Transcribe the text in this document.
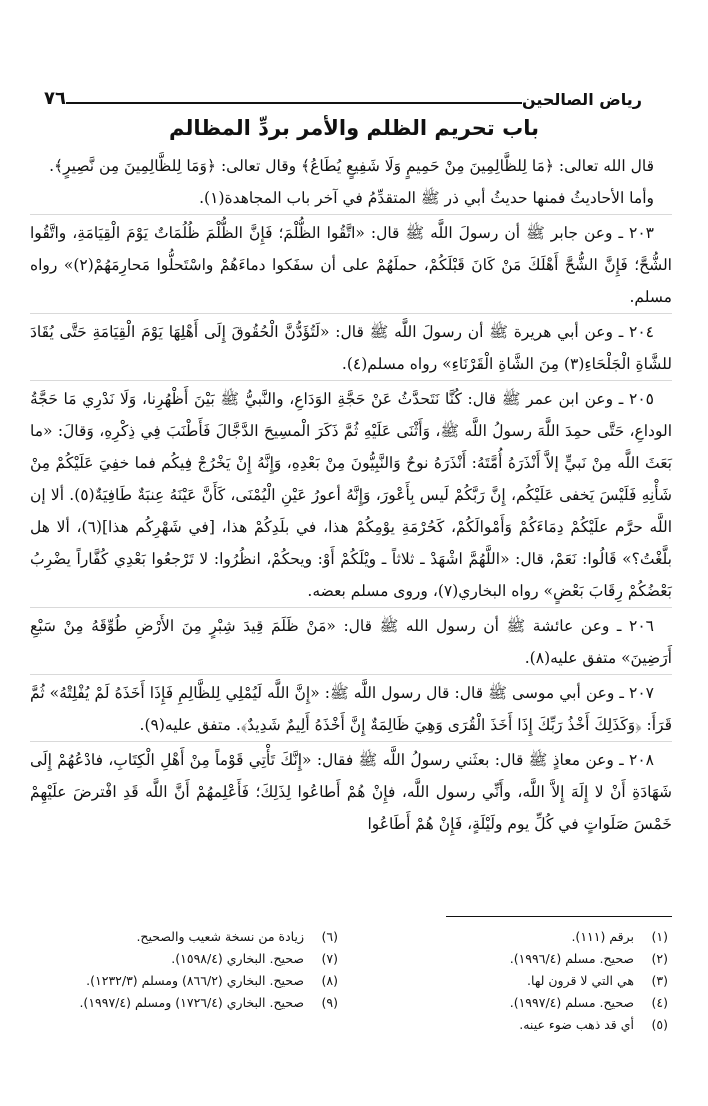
رياض الصالحين
٧٦
باب تحريم الظلم والأمر بردِّ المظالم

قال الله تعالى: ﴿مَا لِلظَّالِمِينَ مِنْ حَمِيمٍ وَلَا شَفِيعٍ يُطَاعُ﴾ وقال تعالى: ﴿وَمَا لِلظَّالِمِينَ مِن نَّصِيرٍ﴾.

وأما الأحاديثُ فمنها حديثُ أبي ذر ﷺ المتقدِّمُ في آخر باب المجاهدة(١).

٢٠٣ ـ وعن جابر ﷺ أن رسولَ اللَّه ﷺ قال: «اتَّقُوا الظُّلْمَ؛ فَإِنَّ الظُّلْمَ ظُلُمَاتٌ يَوْمَ الْقِيَامَةِ، واتَّقُوا الشُّحَّ؛ فَإِنَّ الشُّحَّ أَهْلَكَ مَنْ كَانَ قَبْلَكُمْ، حملَهُمْ على أن سفَكوا دماءَهُمْ واسْتَحلُّوا مَحارِمَهُمْ(٢)» رواه مسلم.

٢٠٤ ـ وعن أبي هريرة ﷺ أن رسولَ اللَّه ﷺ قال: «لَتُؤَدُّنَّ الْحُقُوقَ إِلَى أَهْلِهَا يَوْمَ الْقِيَامَةِ حَتَّى يُقَادَ للشَّاةِ الْجَلْحَاءِ(٣) مِنَ الشَّاةِ الْقَرْنَاءِ» رواه مسلم(٤).

٢٠٥ ـ وعن ابن عمر ﷺ قال: كُنَّا نَتَحدَّثُ عَنْ حَجَّةِ الوَدَاعِ، والنَّبيُّ ﷺ بَيْنَ أَظْهُرِنا، وَلَا نَدْرِي مَا حَجَّةُ الوداعِ، حَتَّى حمِدَ اللَّهَ رسولُ اللَّه ﷺ، وَأَثْنَى عَلَيْهِ ثُمَّ ذَكَرَ الْمسِيحَ الدَّجَّالَ فَأَطْنَبَ فِي ذِكْرِهِ، وَقالَ: «ما بَعَثَ اللَّه مِنْ نَبيٍّ إلاَّ أَنْذَرَهُ أُمَّتَهُ: أَنْذَرَهُ نوحٌ وَالنَّبِيُّونَ مِنْ بَعْدِهِ، وَإِنَّهُ إِنْ يَخْرُجْ فِيكُم فما خفِيَ عَلَيْكُمْ مِنْ شَأْنِهِ فَلَيْسَ يَخفى عَلَيْكُم، إِنَّ رَبَّكُمْ لَيس بِأَعْورَ، وَإِنَّهُ أعورُ عَيْنِ الْيُمْنَى، كَأَنَّ عَيْنَهُ عِنبَةٌ طَافِيَةٌ(٥). ألا إن اللَّه حرَّم علَيْكُمْ دِمَاءَكُمْ وَأَمْوالَكُمْ، كَحُرْمَةِ يوْمِكُمْ هذا، في بلَدِكُمْ هذا، [في شَهْرِكُم هذا](٦)، ألا هل بلَّغْتُ؟» قَالُوا: نَعَمْ، قال: «اللَّهُمَّ اشْهَدْ ـ ثلاثاً ـ ويْلَكُمْ أَوْ: ويحكُمْ، انظُرُوا: لا تَرْجعُوا بَعْدِي كُفَّاراً يضْرِبُ بَعْضُكُمْ رِقَابَ بَعْضٍ» رواه البخاري(٧)، وروى مسلم بعضه.

٢٠٦ ـ وعن عائشة ﷺ أن رسول الله ﷺ قال: «مَنْ ظَلَمَ قِيدَ شِبْرٍ مِنَ الأَرْضِ طُوِّقَهُ مِنْ سَبْعِ أَرَضِينَ» متفق عليه(٨).

٢٠٧ ـ وعن أبي موسى ﷺ قال: قال رسول اللَّه ﷺ: «إِنَّ اللَّه لَيُمْلِي لِلظَّالِمِ فَإِذَا أَخَذَهُ لَمْ يُفْلِتْهُ» ثُمَّ قَرَأَ: ﴿وَكَذَلِكَ أَخْذُ رَبِّكَ إِذَا أَخَذَ الْقُرَى وَهِيَ ظَالِمَةٌ إِنَّ أَخْذَهُ أَلِيمٌ شَدِيدٌ﴾. متفق عليه(٩).

٢٠٨ ـ وعن معاذٍ ﷺ قال: بعثَني رسولُ اللَّه ﷺ فقال: «إِنَّكَ تَأْتِي قَوْماً مِنْ أَهْلِ الْكِتَابِ، فادْعُهُمْ إِلَى شَهَادَةِ أَنْ لا إِلَهَ إِلاَّ اللَّه، وأَنِّي رسول اللَّه، فإِنْ هُمْ أَطاعُوا لِذَلِكَ؛ فَأَعْلِمهُمْ أَنَّ اللَّه قَدِ افْترضَ علَيْهِمْ خَمْسَ صَلَواتٍ في كُلِّ يوم ولَيْلَةٍ، فَإِنْ هُمْ أَطَاعُوا

(١)
برقم (١١١).
(٢)
صحيح. مسلم (١٩٩٦/٤).
(٣)
هي التي لا قرون لها.
(٤)
صحيح. مسلم (١٩٩٧/٤).
(٥)
أي قد ذهب ضوء عينه.
(٦)
زيادة من نسخة شعيب والصحيح.
(٧)
صحيح. البخاري (١٥٩٨/٤).
(٨)
صحيح. البخاري (٨٦٦/٢) ومسلم (١٢٣٢/٣).
(٩)
صحيح. البخاري (١٧٢٦/٤) ومسلم (١٩٩٧/٤).
